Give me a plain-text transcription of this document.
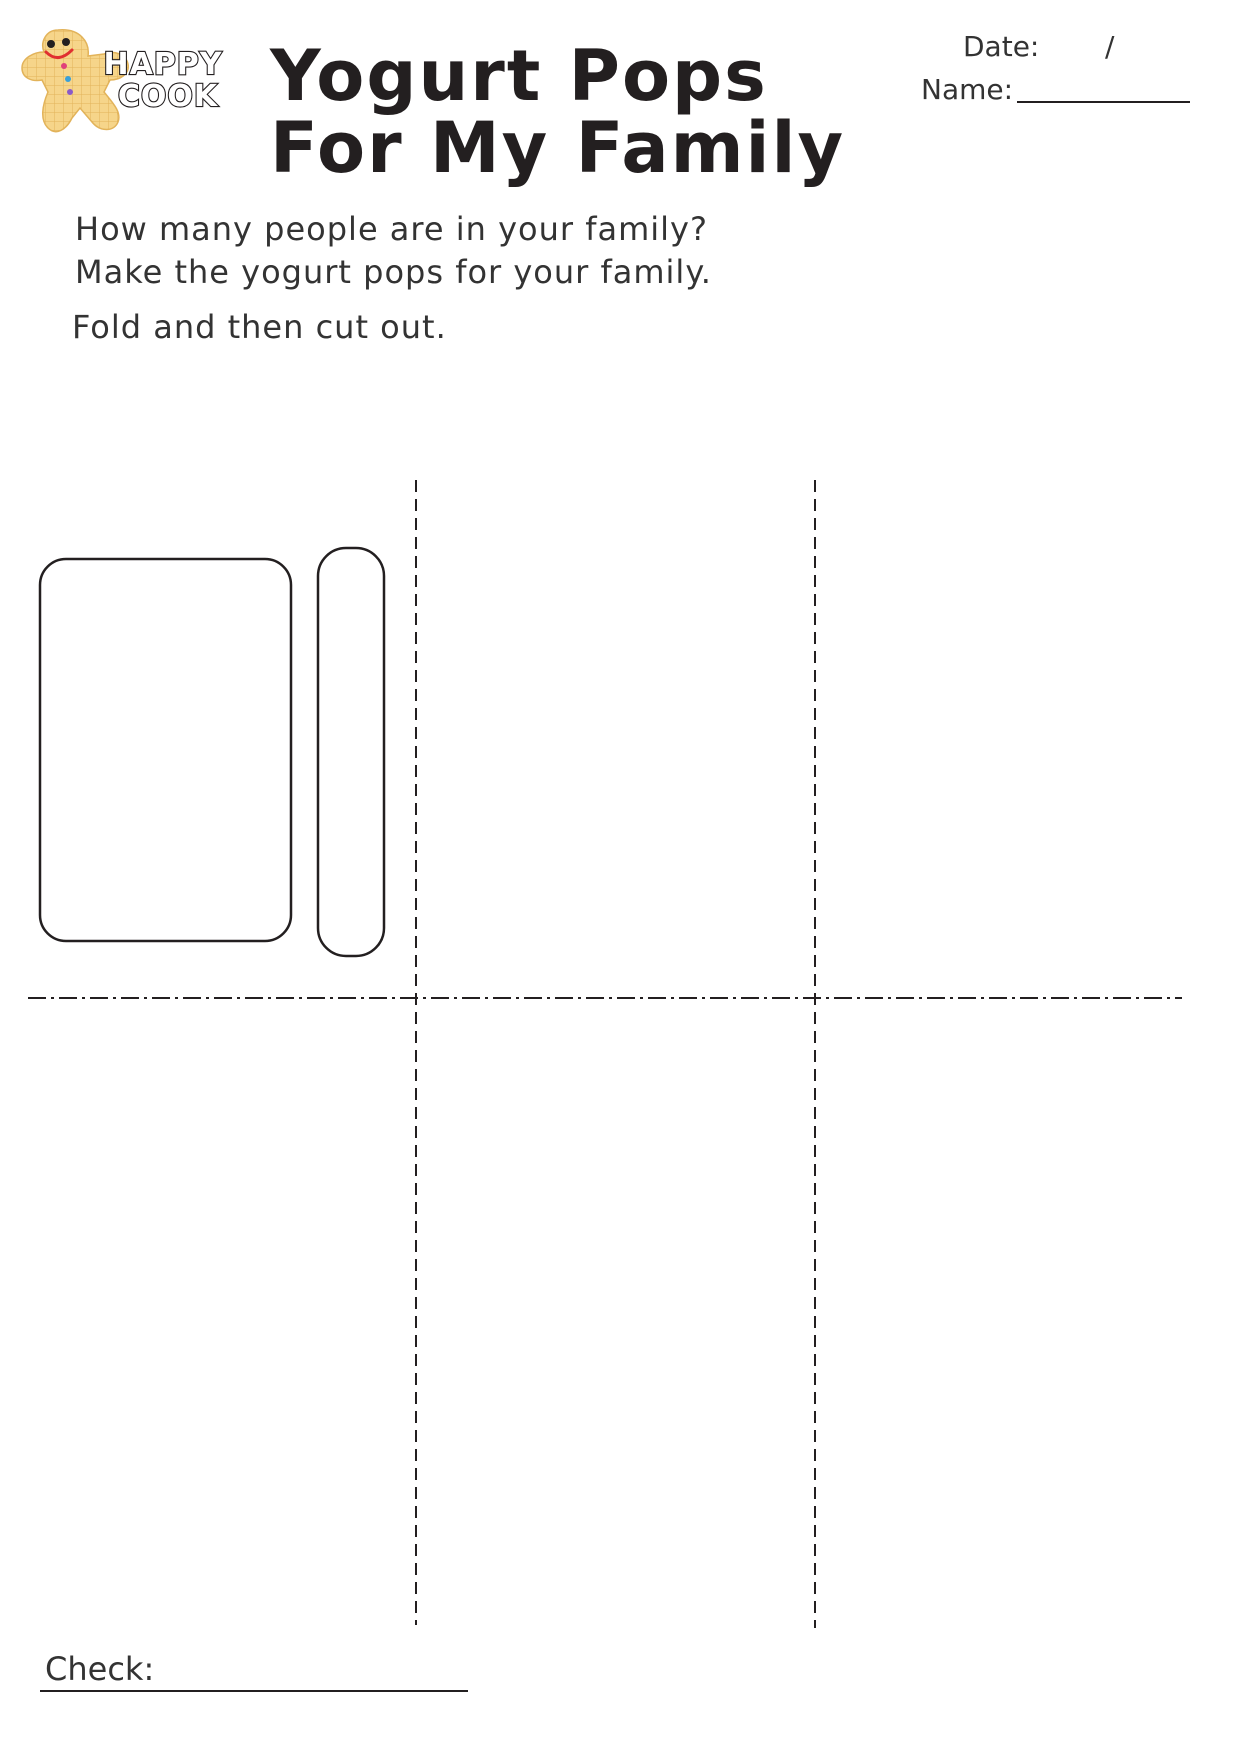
HAPPY
COOK Yogurt Pops
For My Family
Date: /
Name:
How many people are in your family?
Make the yogurt pops for your family.
Fold and then cut out.
Check:
